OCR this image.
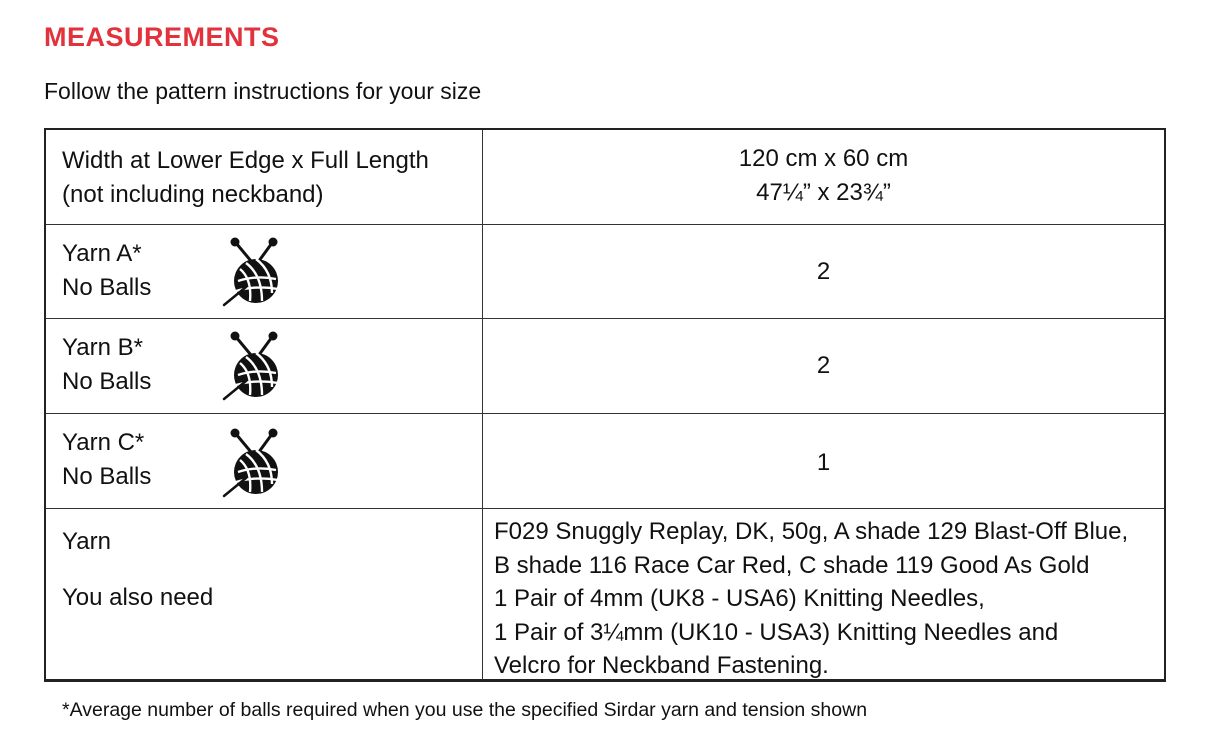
MEASUREMENTS
Follow the pattern instructions for your size
Width at Lower Edge x Full Length
(not including neckband)
120 cm x 60 cm
47¼” x 23¾”
Yarn A*
No Balls
2
Yarn B*
No Balls
2
Yarn C*
No Balls
1
Yarn
You also need
F029 Snuggly Replay, DK, 50g, A shade 129 Blast-Off Blue,
B shade 116 Race Car Red, C shade 119 Good As Gold
1 Pair of 4mm (UK8 - USA6) Knitting Needles,
1 Pair of 3¼mm (UK10 - USA3) Knitting Needles and
Velcro for Neckband Fastening.
*Average number of balls required when you use the specified Sirdar yarn and tension shown
